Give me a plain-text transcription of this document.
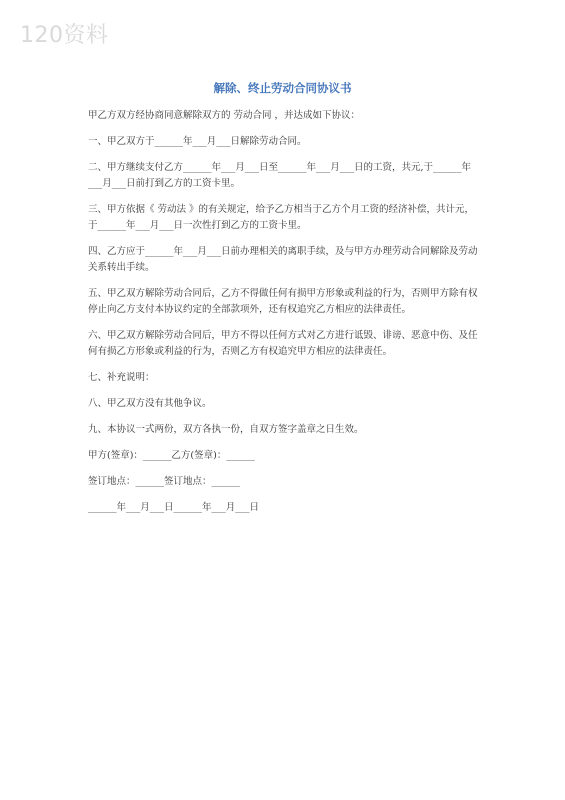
120资料
解除、终止劳动合同协议书

甲乙方双方经协商同意解除双方的 劳动合同 ，并达成如下协议：

一、甲乙双方于______年___月___日解除劳动合同。

二、甲方继续支付乙方______年___月___日至______年___月___日的工资，共元,于______年___月___日前打到乙方的工资卡里。

三、甲方依据《 劳动法 》的有关规定，给予乙方相当于乙方个月工资的经济补偿，共计元，于______年___月___日一次性打到乙方的工资卡里。

四、乙方应于______年___月___日前办理相关的离职手续，及与甲方办理劳动合同解除及劳动关系转出手续。

五、甲乙双方解除劳动合同后，乙方不得做任何有损甲方形象或利益的行为，否则甲方除有权停止向乙方支付本协议约定的全部款项外，还有权追究乙方相应的法律责任。

六、甲乙双方解除劳动合同后，甲方不得以任何方式对乙方进行诋毁、诽谤、恶意中伤、及任何有损乙方形象或利益的行为，否则乙方有权追究甲方相应的法律责任。

七、补充说明：

八、甲乙双方没有其他争议。

九、本协议一式两份，双方各执一份，自双方签字盖章之日生效。

甲方(签章)：______乙方(签章)：______

签订地点：______签订地点：______

______年___月___日______年___月___日
